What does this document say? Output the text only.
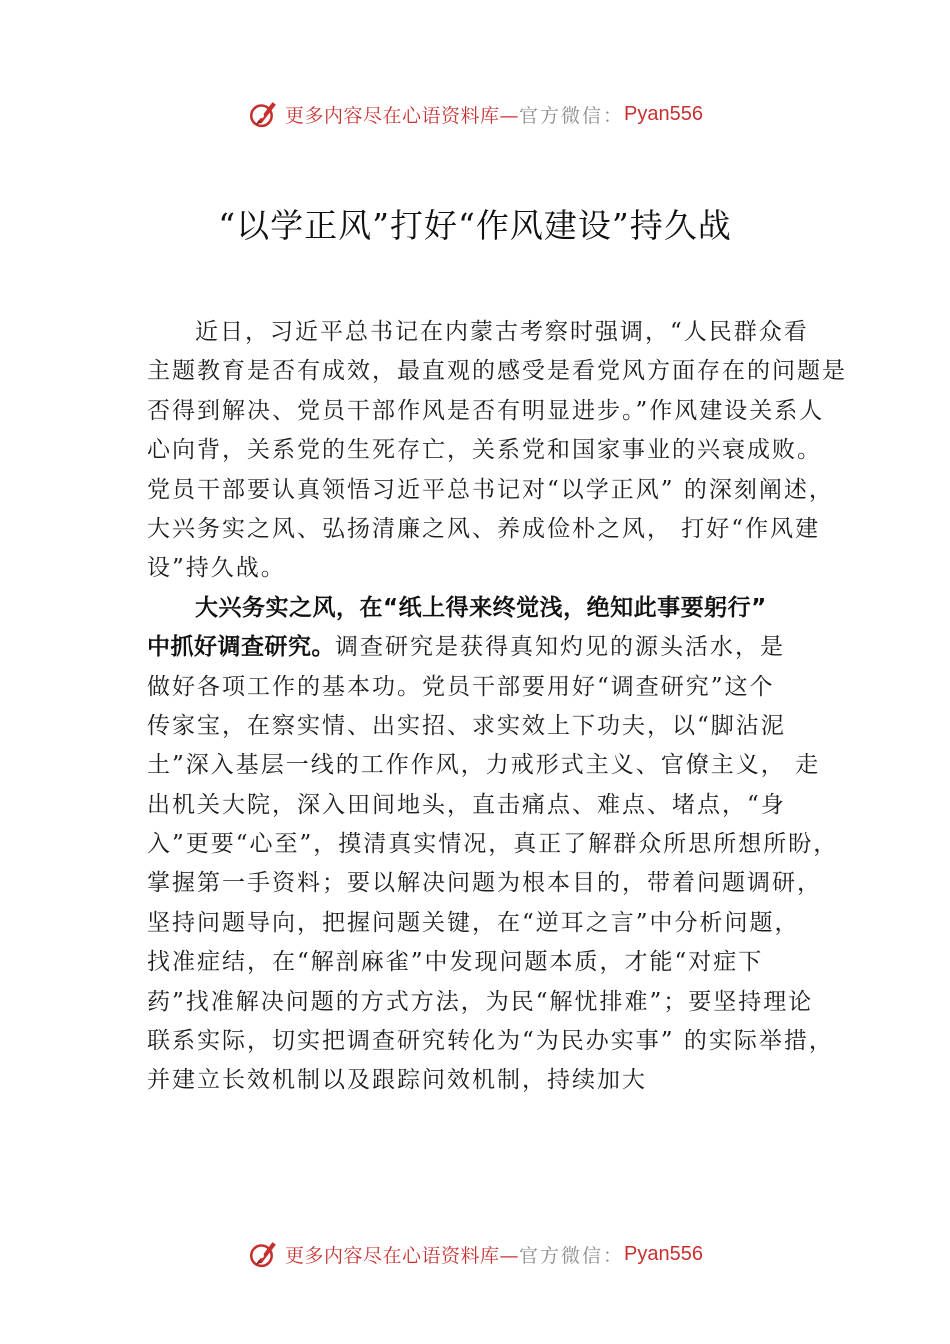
更多内容尽在心语资料库— 官方微信： Pyan556
“以学正风”打好“作风建设”持久战
近日，习近平总书记在内蒙古考察时强调，“人民群众看
主题教育是否有成效，最直观的感受是看党风方面存在的问题是
否得到解决、党员干部作风是否有明显进步。”作风建设关系人
心向背，关系党的生死存亡，关系党和国家事业的兴衰成败。
党员干部要认真领悟习近平总书记对“以学正风” 的深刻阐述，
大兴务实之风、弘扬清廉之风、养成俭朴之风， 打好“作风建
设”持久战。
大兴务实之风，在“纸上得来终觉浅，绝知此事要躬行”
中抓好调查研究。调查研究是获得真知灼见的源头活水，是
做好各项工作的基本功。党员干部要用好“调查研究”这个
传家宝，在察实情、出实招、求实效上下功夫，以“脚沾泥
土”深入基层一线的工作作风，力戒形式主义、官僚主义， 走
出机关大院，深入田间地头，直击痛点、难点、堵点，“身
入”更要“心至”，摸清真实情况，真正了解群众所思所想所盼，
掌握第一手资料；要以解决问题为根本目的，带着问题调研，
坚持问题导向，把握问题关键，在“逆耳之言”中分析问题，
找准症结，在“解剖麻雀”中发现问题本质，才能“对症下
药”找准解决问题的方式方法，为民“解忧排难”；要坚持理论
联系实际，切实把调查研究转化为“为民办实事” 的实际举措，
并建立长效机制以及跟踪问效机制，持续加大
更多内容尽在心语资料库— 官方微信： Pyan556
